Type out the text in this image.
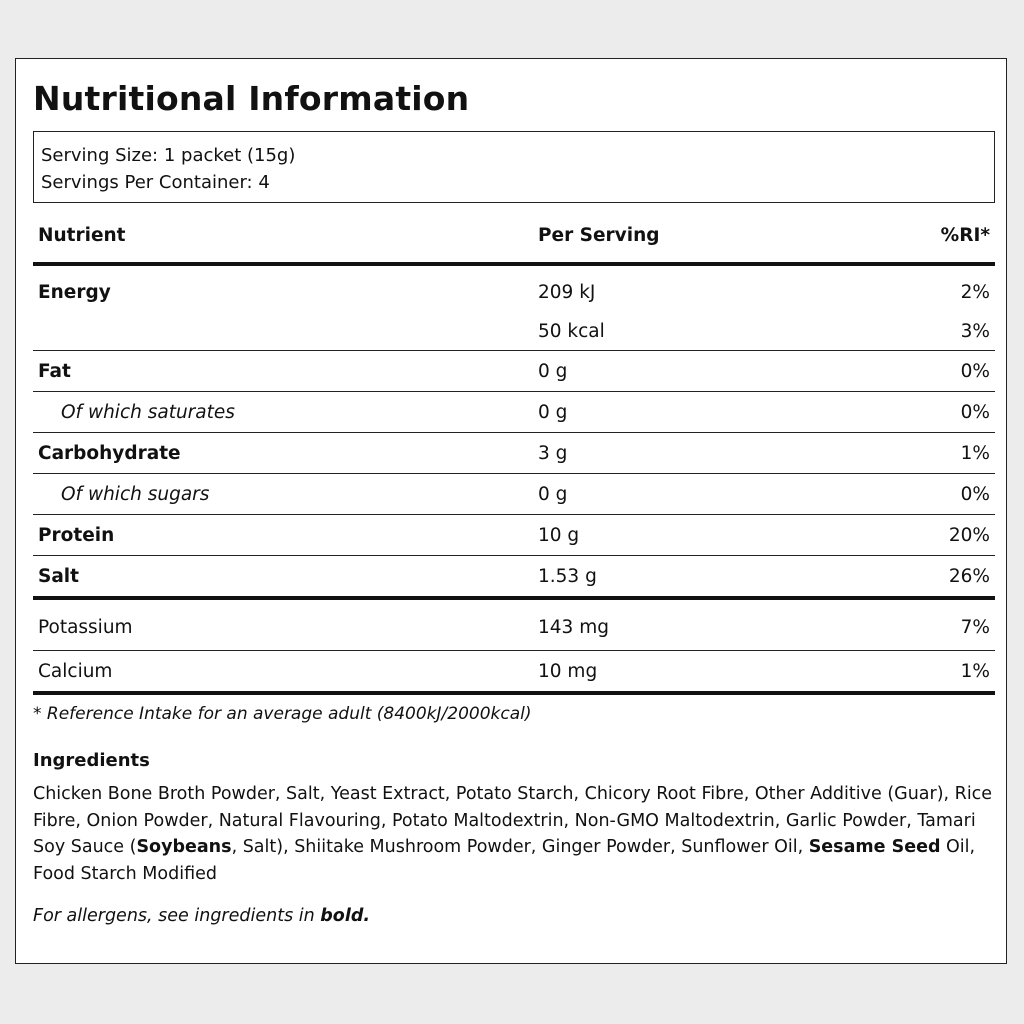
Nutritional Information
Serving Size: 1 packet (15g)
Servings Per Container: 4
Nutrient	Per Serving	%RI*
Energy	209 kJ	2%
	50 kcal	3%
Fat	0 g	0%
Of which saturates	0 g	0%
Carbohydrate	3 g	1%
Of which sugars	0 g	0%
Protein	10 g	20%
Salt	1.53 g	26%
Potassium	143 mg	7%
Calcium	10 mg	1%

* Reference Intake for an average adult (8400kJ/2000kcal)

Ingredients

Chicken Bone Broth Powder, Salt, Yeast Extract, Potato Starch, Chicory Root Fibre, Other Additive (Guar), Rice Fibre, Onion Powder, Natural Flavouring, Potato Maltodextrin, Non-GMO Maltodextrin, Garlic Powder, Tamari Soy Sauce (Soybeans, Salt), Shiitake Mushroom Powder, Ginger Powder, Sunflower Oil, Sesame Seed Oil, Food Starch Modified

For allergens, see ingredients in bold.
